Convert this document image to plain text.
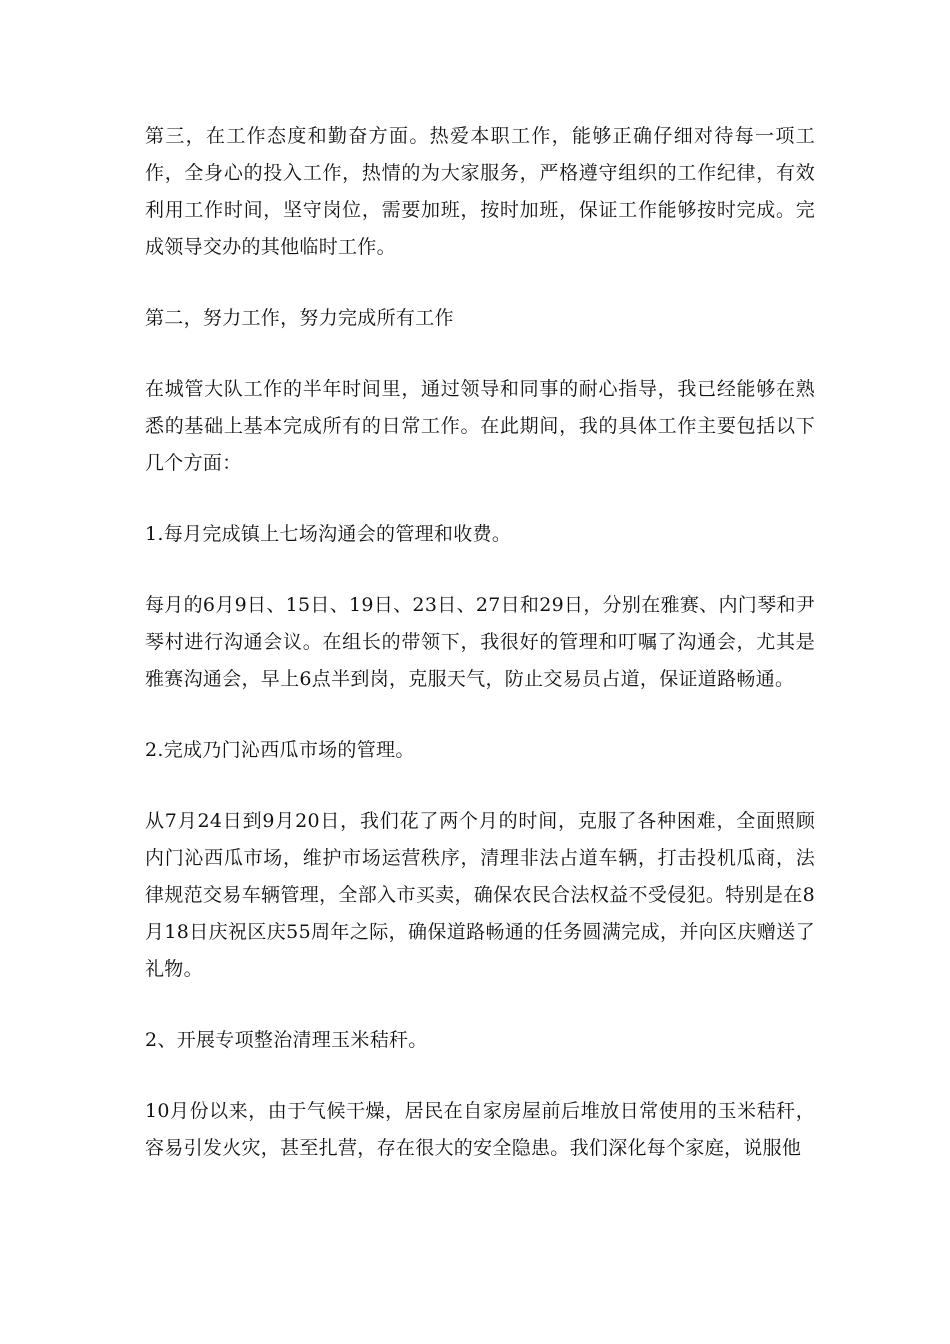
第三，在工作态度和勤奋方面。热爱本职工作，能够正确仔细对待每一项工作，全身心的投入工作，热情的为大家服务，严格遵守组织的工作纪律，有效利用工作时间，坚守岗位，需要加班，按时加班，保证工作能够按时完成。完成领导交办的其他临时工作。

第二，努力工作，努力完成所有工作

在城管大队工作的半年时间里，通过领导和同事的耐心指导，我已经能够在熟悉的基础上基本完成所有的日常工作。在此期间，我的具体工作主要包括以下几个方面：

1.每月完成镇上七场沟通会的管理和收费。

每月的6月9日、15日、19日、23日、27日和29日，分别在雅赛、内门琴和尹琴村进行沟通会议。在组长的带领下，我很好的管理和叮嘱了沟通会，尤其是雅赛沟通会，早上6点半到岗，克服天气，防止交易员占道，保证道路畅通。

2.完成乃门沁西瓜市场的管理。

从7月24日到9月20日，我们花了两个月的时间，克服了各种困难，全面照顾内门沁西瓜市场，维护市场运营秩序，清理非法占道车辆，打击投机瓜商，法律规范交易车辆管理，全部入市买卖，确保农民合法权益不受侵犯。特别是在8月18日庆祝区庆55周年之际，确保道路畅通的任务圆满完成，并向区庆赠送了礼物。

2、开展专项整治清理玉米秸秆。

10月份以来，由于气候干燥，居民在自家房屋前后堆放日常使用的玉米秸秆，容易引发火灾，甚至扎营，存在很大的安全隐患。我们深化每个家庭，说服他
